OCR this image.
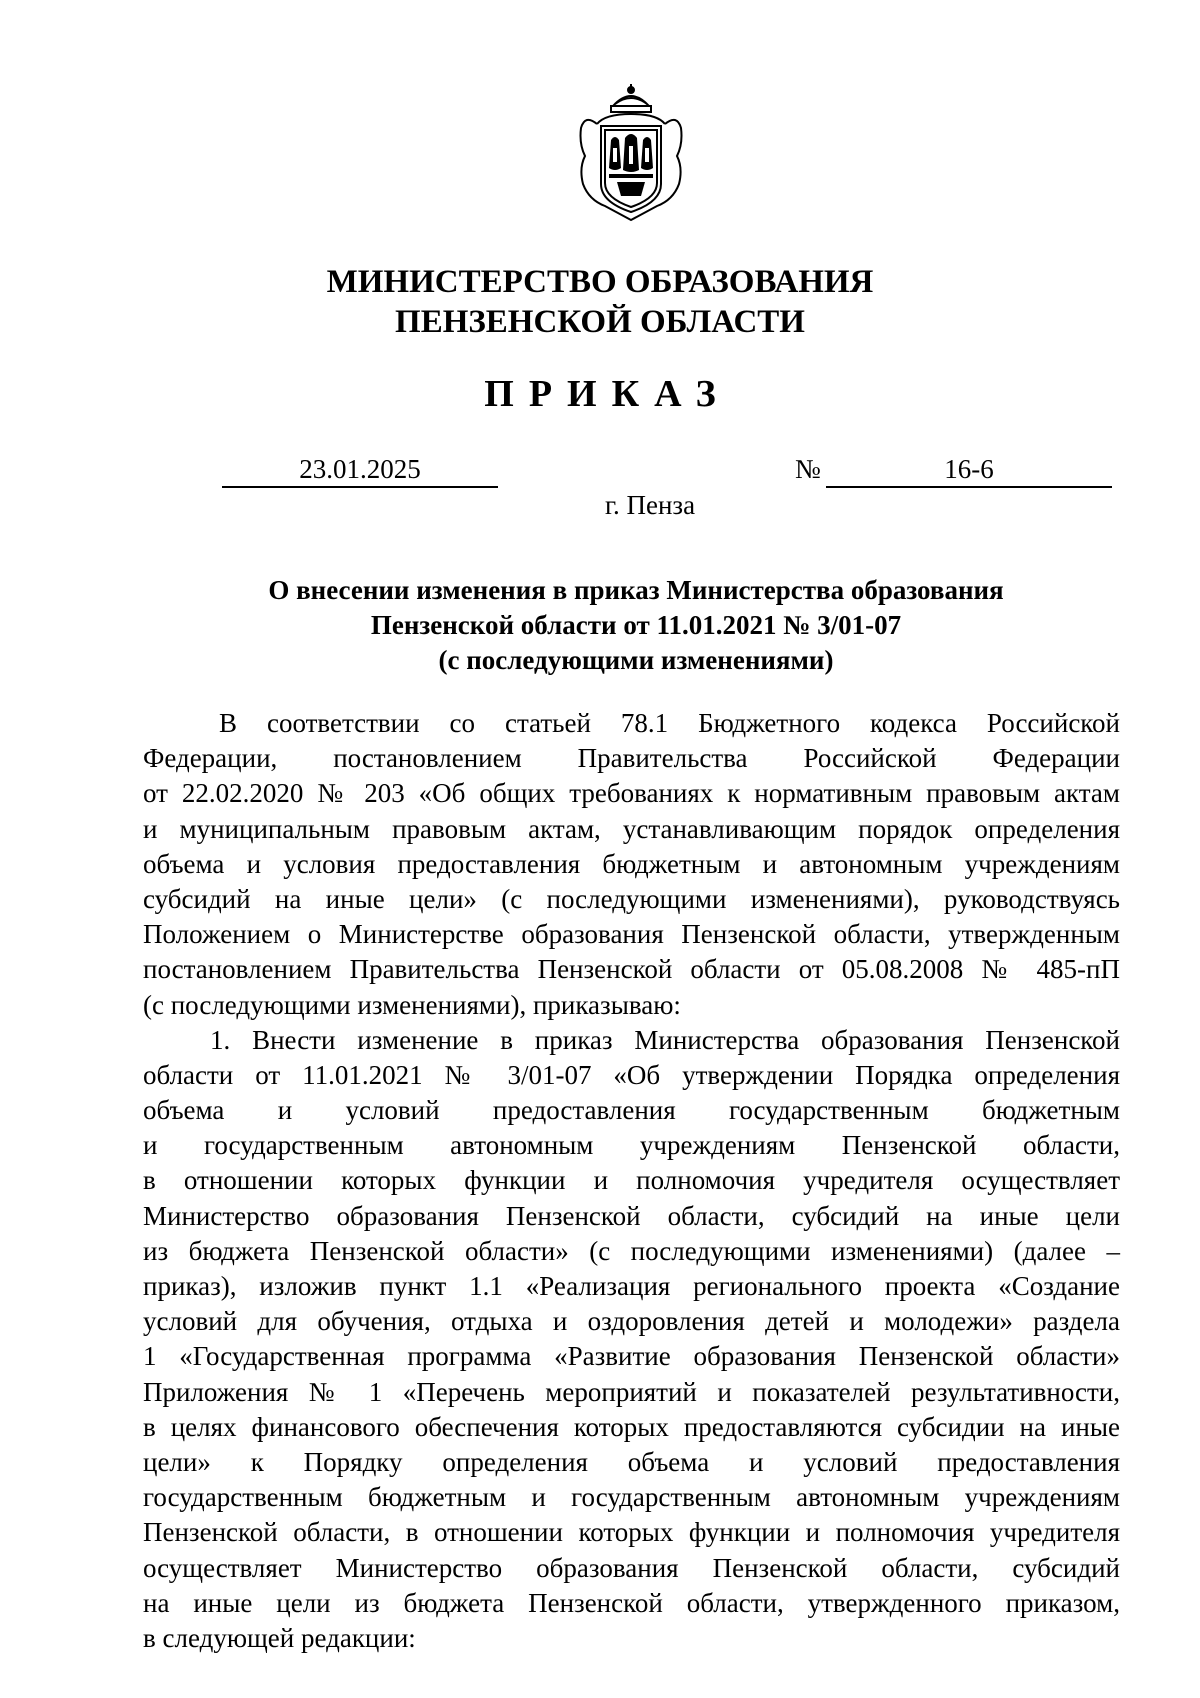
МИНИСТЕРСТВО ОБРАЗОВАНИЯ
ПЕНЗЕНСКОЙ ОБЛАСТИ
ПРИКАЗ
23.01.2025	№	16-6
г. Пенза
О внесении изменения в приказ Министерства образования
Пензенской области от 11.01.2021 № 3/01-07
(с последующими изменениями)
В соответствии со статьей 78.1 Бюджетного кодекса Российской
Федерации, постановлением Правительства Российской Федерации
от 22.02.2020 № 203 «Об общих требованиях к нормативным правовым актам
и муниципальным правовым актам, устанавливающим порядок определения
объема и условия предоставления бюджетным и автономным учреждениям
субсидий на иные цели» (с последующими изменениями), руководствуясь
Положением о Министерстве образования Пензенской области, утвержденным
постановлением Правительства Пензенской области от 05.08.2008 № 485-пП
(с последующими изменениями), приказываю:
1. Внести изменение в приказ Министерства образования Пензенской
области от 11.01.2021 № 3/01-07 «Об утверждении Порядка определения
объема и условий предоставления государственным бюджетным
и государственным автономным учреждениям Пензенской области,
в отношении которых функции и полномочия учредителя осуществляет
Министерство образования Пензенской области, субсидий на иные цели
из бюджета Пензенской области» (с последующими изменениями) (далее –
приказ), изложив пункт 1.1 «Реализация регионального проекта «Создание
условий для обучения, отдыха и оздоровления детей и молодежи» раздела
1 «Государственная программа «Развитие образования Пензенской области»
Приложения № 1 «Перечень мероприятий и показателей результативности,
в целях финансового обеспечения которых предоставляются субсидии на иные
цели» к Порядку определения объема и условий предоставления
государственным бюджетным и государственным автономным учреждениям
Пензенской области, в отношении которых функции и полномочия учредителя
осуществляет Министерство образования Пензенской области, субсидий
на иные цели из бюджета Пензенской области, утвержденного приказом,
в следующей редакции:
